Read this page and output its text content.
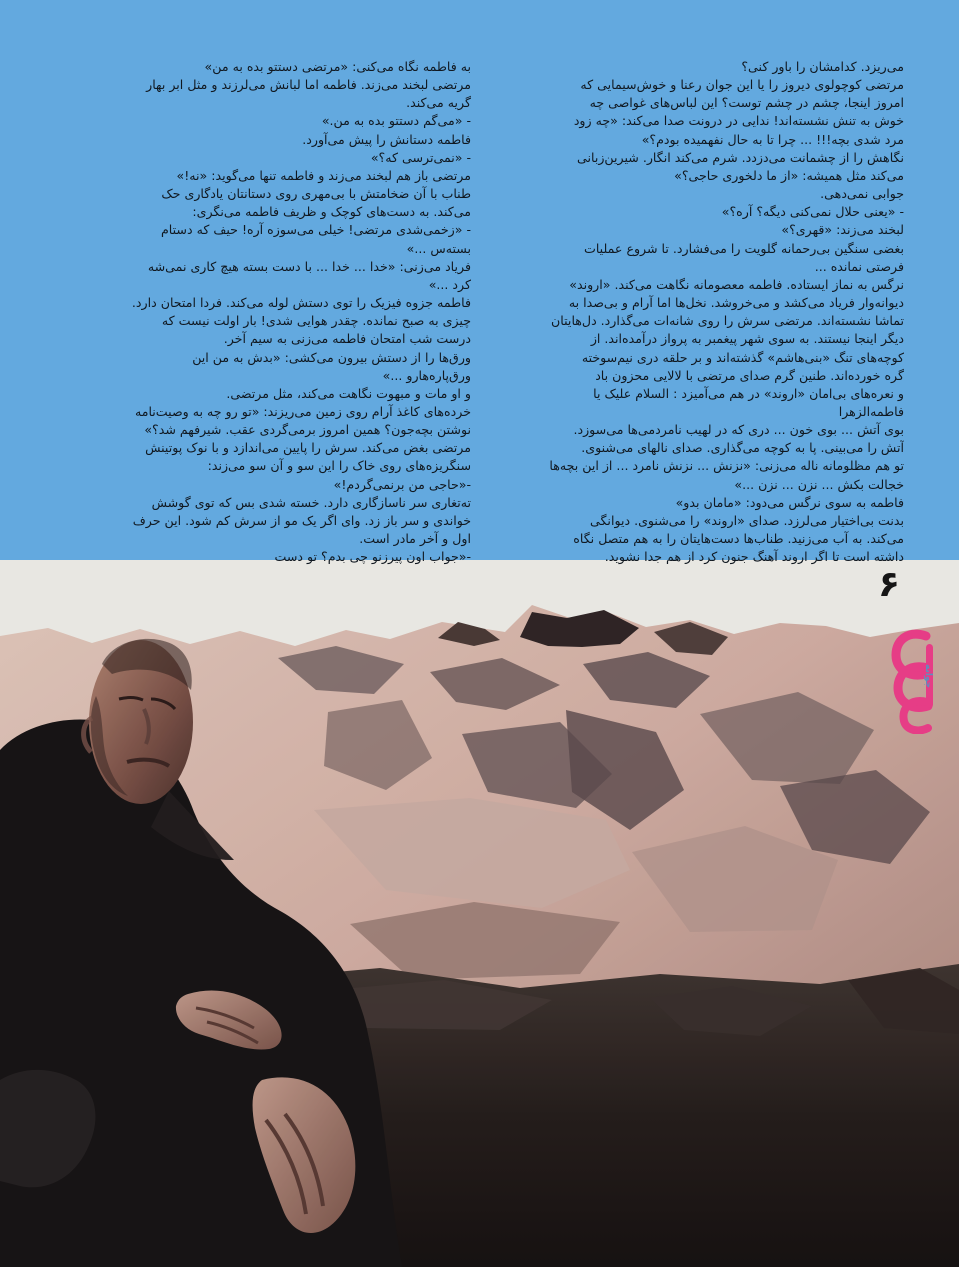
می‌ریزد. کدامشان را باور کنی؟
مرتضی کوچولوی دیروز را یا این جوان رعنا و خوش‌سیمایی که
امروز اینجا، چشم در چشم توست؟ این لباس‌های غواصی چه
خوش به تنش نشسته‌اند! ندایی در درونت صدا می‌کند: «چه زود
مرد شدی بچه!!! ... چرا تا به حال نفهمیده بودم؟»
نگاهش را از چشمانت می‌دزدد. شرم می‌کند انگار. شیرین‌زبانی
می‌کند مثل همیشه: «از ما دلخوری حاجی؟»
جوابی نمی‌دهی.
- «یعنی حلال نمی‌کنی دیگه؟ آره؟»
لبخند می‌زند: «قهری؟»
بغضی سنگین بی‌رحمانه گلویت را می‌فشارد. تا شروع عملیات
فرصتی نمانده ...
نرگس به نماز ایستاده. فاطمه معصومانه نگاهت می‌کند. «اروند»
دیوانه‌وار فریاد می‌کشد و می‌خروشد. نخل‌ها اما آرام و بی‌صدا به
تماشا نشسته‌اند. مرتضی سرش را روی شانه‌ات می‌گذارد. دل‌هایتان
دیگر اینجا نیستند. به سوی شهر پیغمبر به پرواز درآمده‌اند. از
کوچه‌های تنگ «بنی‌هاشم» گذشته‌اند و بر حلقه دری نیم‌سوخته
گره خورده‌اند. طنین گرم صدای مرتضی با لالایی محزون باد
و نعره‌های بی‌امان «اروند» در هم می‌آمیزد : السلام علیک یا
فاطمه‌الزهرا
بوی آتش ... بوی خون ... دری که در لهیب نامردمی‌ها می‌سوزد.
آتش را می‌بینی. پا به کوچه می‌گذاری. صدای نالهای می‌شنوی.
تو هم مظلومانه ناله می‌زنی: «نزنش ... نزنش نامرد ... از این بچه‌ها
خجالت بکش ... نزن ... نزن ...»
فاطمه به سوی نرگس می‌دود: «مامان بدو»
بدنت بی‌اختیار می‌لرزد. صدای «اروند» را می‌شنوی. دیوانگی
می‌کند. به آب می‌زنید. طناب‌ها دست‌هایتان را به هم متصل نگاه
داشته است تا اگر اروند آهنگ جنون کرد از هم جدا نشوید.
به فاطمه نگاه می‌کنی: «مرتضی دستتو بده به من»
مرتضی لبخند می‌زند. فاطمه اما لبانش می‌لرزند و مثل ابر بهار
گریه می‌کند.
- «می‌گم دستتو بده به من.»
فاطمه دستانش را پیش می‌آورد.
- «نمی‌ترسی که؟»
مرتضی باز هم لبخند می‌زند و فاطمه تنها می‌گوید: «نه!»
طناب با آن ضخامتش با بی‌مهری روی دستانتان یادگاری حک
می‌کند. به دست‌های کوچک و ظریف فاطمه می‌نگری:
- «زخمی‌شدی مرتضی! خیلی می‌سوزه آره! حیف که دستام
بسته‌س ...»
فریاد می‌زنی: «خدا ... خدا ... با دست بسته هیچ کاری نمی‌شه
کرد ...»
فاطمه جزوه فیزیک را توی دستش لوله می‌کند. فردا امتحان دارد.
چیزی به صبح نمانده. چقدر هوایی شدی! بار اولت نیست که
درست شب امتحان فاطمه می‌زنی به سیم آخر.
ورق‌ها را از دستش بیرون می‌کشی: «بدش به من این
ورق‌پاره‌هارو ...»
و او مات و مبهوت نگاهت می‌کند، مثل مرتضی.
خرده‌های کاغذ آرام روی زمین می‌ریزند: «تو رو چه به وصیت‌نامه
نوشتن بچه‌جون؟ همین امروز برمی‌گردی عقب. شیرفهم شد؟»
مرتضی بغض می‌کند. سرش را پایین می‌اندازد و با نوک پوتینش
سنگریزه‌های روی خاک را این سو و آن سو می‌زند:
-«حاجی من برنمی‌گردم!»
ته‌تغاری سر ناسازگاری دارد. خسته شدی بس که توی گوشش
خواندی و سر باز زد. وای اگر یک مو از سرش کم شود. این حرف
اول و آخر مادر است.
-«جواب اون پیرزنو چی بدم؟ تو دست
۶
جوانه
